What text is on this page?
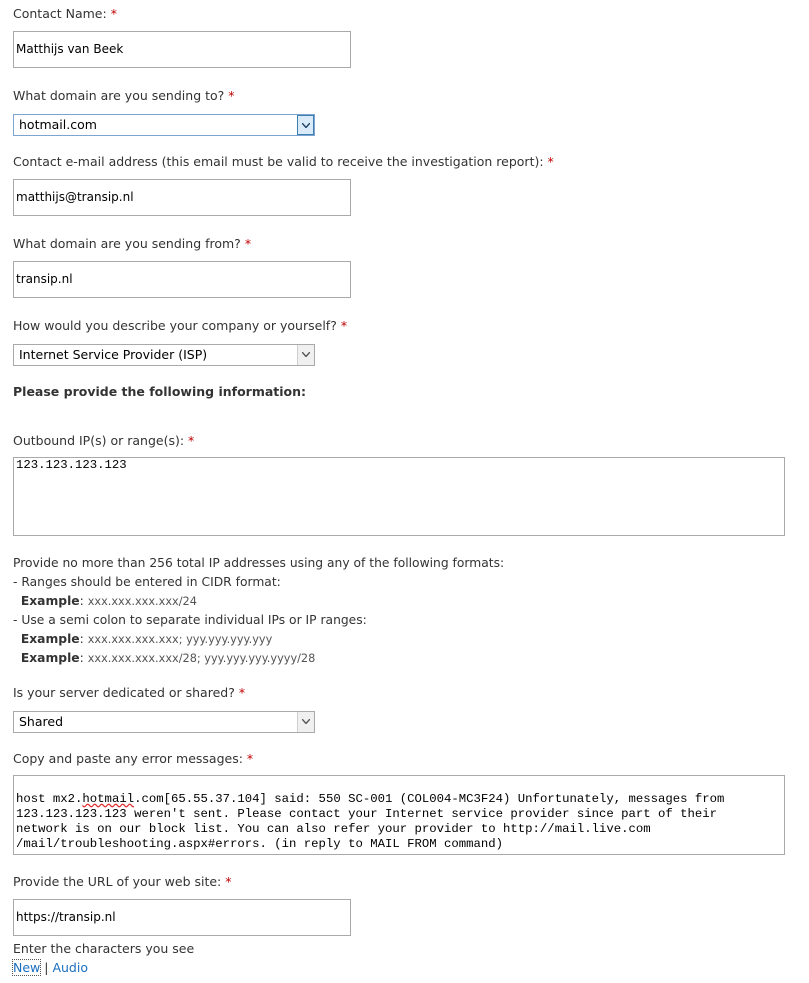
Contact Name: *
Matthijs van Beek
What domain are you sending to? *
hotmail.com
Contact e-mail address (this email must be valid to receive the investigation report): *
matthijs@transip.nl
What domain are you sending from? *
transip.nl
How would you describe your company or yourself? *
Internet Service Provider (ISP)
Please provide the following information:
Outbound IP(s) or range(s): *
123.123.123.123
Provide no more than 256 total IP addresses using any of the following formats:
- Ranges should be entered in CIDR format:
Example: xxx.xxx.xxx.xxx/24
- Use a semi colon to separate individual IPs or IP ranges:
Example: xxx.xxx.xxx.xxx; yyy.yyy.yyy.yyy
Example: xxx.xxx.xxx.xxx/28; yyy.yyy.yyy.yyyy/28
Is your server dedicated or shared? *
Shared
Copy and paste any error messages: *

host mx2.hotmail.com[65.55.37.104] said: 550 SC-001 (COL004-MC3F24) Unfortunately, messages from
123.123.123.123 weren't sent. Please contact your Internet service provider since part of their
network is on our block list. You can also refer your provider to http://mail.live.com
/mail/troubleshooting.aspx#errors. (in reply to MAIL FROM command)

Provide the URL of your web site: *
https://transip.nl
Enter the characters you see
New | Audio
